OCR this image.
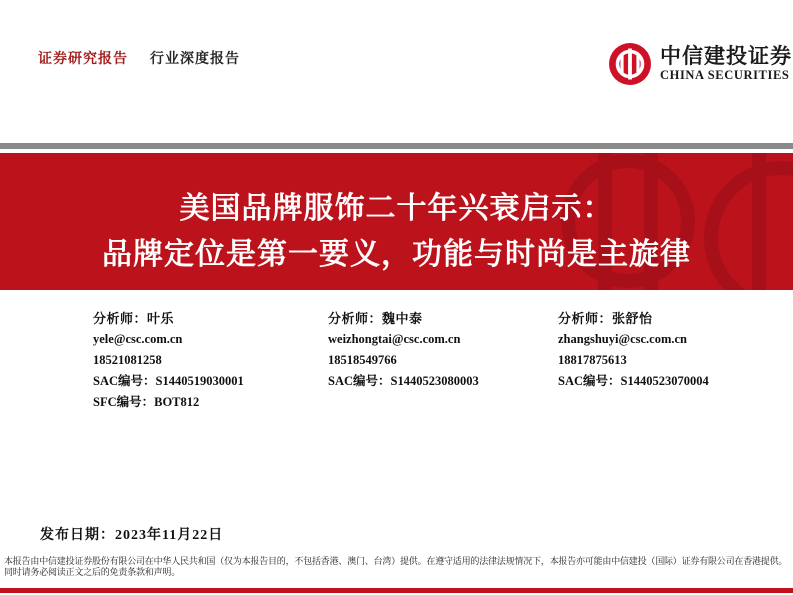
证券研究报告 行业深度报告	中信建投证券
CHINA SECURITIES
美国品牌服饰二十年兴衰启示：
品牌定位是第一要义，功能与时尚是主旋律
分析师：叶乐
yele@csc.com.cn
18521081258
SAC编号：S1440519030001
SFC编号：BOT812
分析师：魏中泰
weizhongtai@csc.com.cn
18518549766
SAC编号：S1440523080003
分析师：张舒怡
zhangshuyi@csc.com.cn
18817875613
SAC编号：S1440523070004
发布日期：2023年11月22日
本报告由中信建投证券股份有限公司在中华人民共和国（仅为本报告目的，不包括香港、澳门、台湾）提供。在遵守适用的法律法规情况下，本报告亦可能由中信建投（国际）证券有限公司在香港提供。
同时请务必阅读正文之后的免责条款和声明。
